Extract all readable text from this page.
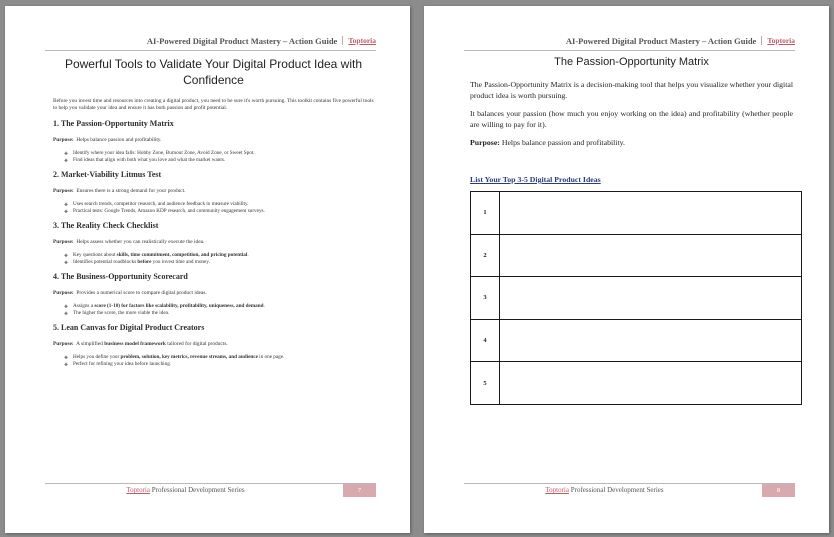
AI-Powered Digital Product Mastery – Action Guide	Toptoria
Powerful Tools to Validate Your Digital Product Idea with Confidence

Before you invest time and resources into creating a digital product, you need to be sure it's worth pursuing. This toolkit contains five powerful tools to help you validate your idea and ensure it has both passion and profit potential.

1. The Passion-Opportunity Matrix

Purpose: Helps balance passion and profitability.

❖ Identify where your idea falls: Hobby Zone, Burnout Zone, Avoid Zone, or Sweet Spot.
❖ Find ideas that align with both what you love and what the market wants.
2. Market-Viability Litmus Test

Purpose: Ensures there is a strong demand for your product.

❖ Uses search trends, competitor research, and audience feedback to measure viability.
❖ Practical tests: Google Trends, Amazon KDP research, and community engagement surveys.
3. The Reality Check Checklist

Purpose: Helps assess whether you can realistically execute the idea.

❖ Key questions about skills, time commitment, competition, and pricing potential.
❖ Identifies potential roadblocks before you invest time and money.
4. The Business-Opportunity Scorecard

Purpose: Provides a numerical score to compare digital product ideas.

❖ Assigns a score (1-10) for factors like scalability, profitability, uniqueness, and demand.
❖ The higher the score, the more viable the idea.
5. Lean Canvas for Digital Product Creators

Purpose: A simplified business model framework tailored for digital products.

❖ Helps you define your problem, solution, key metrics, revenue streams, and audience in one page.
❖ Perfect for refining your idea before launching.
Toptoria Professional Development Series	7
AI-Powered Digital Product Mastery – Action Guide	Toptoria
The Passion-Opportunity Matrix

The Passion-Opportunity Matrix is a decision-making tool that helps you visualize whether your digital product idea is worth pursuing.

It balances your passion (how much you enjoy working on the idea) and profitability (whether people are willing to pay for it).

Purpose: Helps balance passion and profitability.

List Your Top 3-5 Digital Product Ideas
1	
2	
3	
4	
5	
Toptoria Professional Development Series	8
